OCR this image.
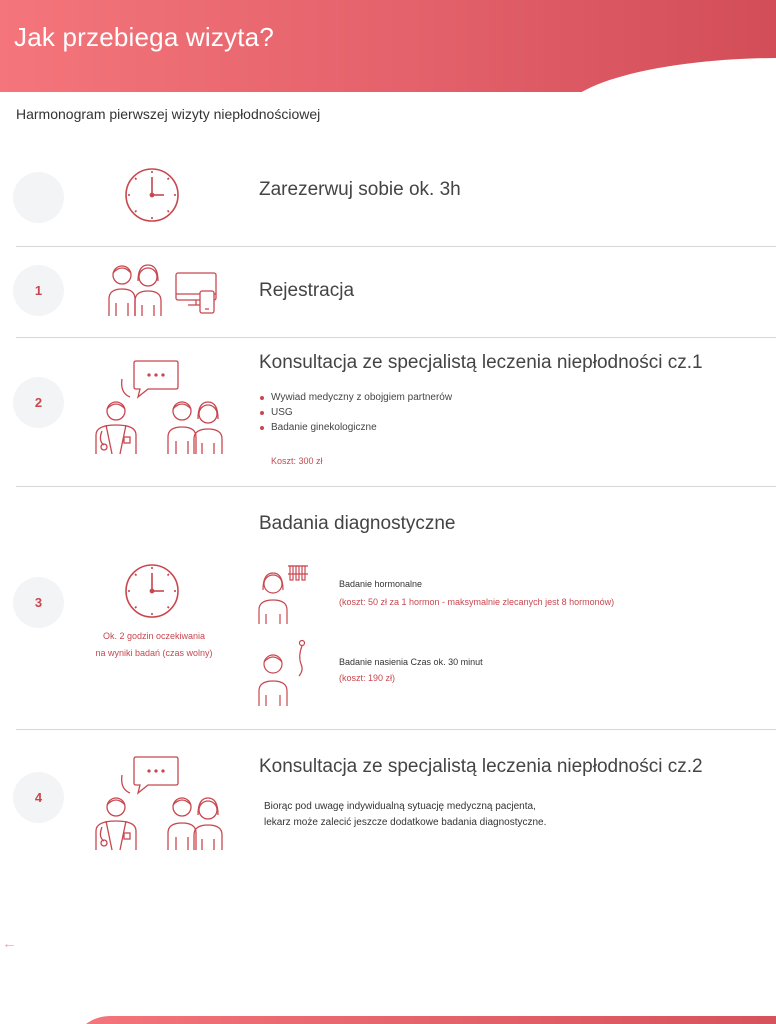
Jak przebiega wizyta?
Harmonogram pierwszej wizyty niepłodnościowej
Zarezerwuj sobie ok. 3h
1	Rejestracja
2
Konsultacja ze specjalistą leczenia niepłodności cz.1
Wywiad medyczny z obojgiem partnerów
USG
Badanie ginekologiczne
Koszt: 300 zł
3
Ok. 2 godzin oczekiwania
na wyniki badań (czas wolny)
Badania diagnostyczne
Badanie hormonalne
(koszt: 50 zł za 1 hormon - maksymalnie zlecanych jest 8 hormonów)
Badanie nasienia Czas ok. 30 minut
(koszt: 190 zł)
4
Konsultacja ze specjalistą leczenia niepłodności cz.2
Biorąc pod uwagę indywidualną sytuację medyczną pacjenta,
lekarz może zalecić jeszcze dodatkowe badania diagnostyczne.
←
